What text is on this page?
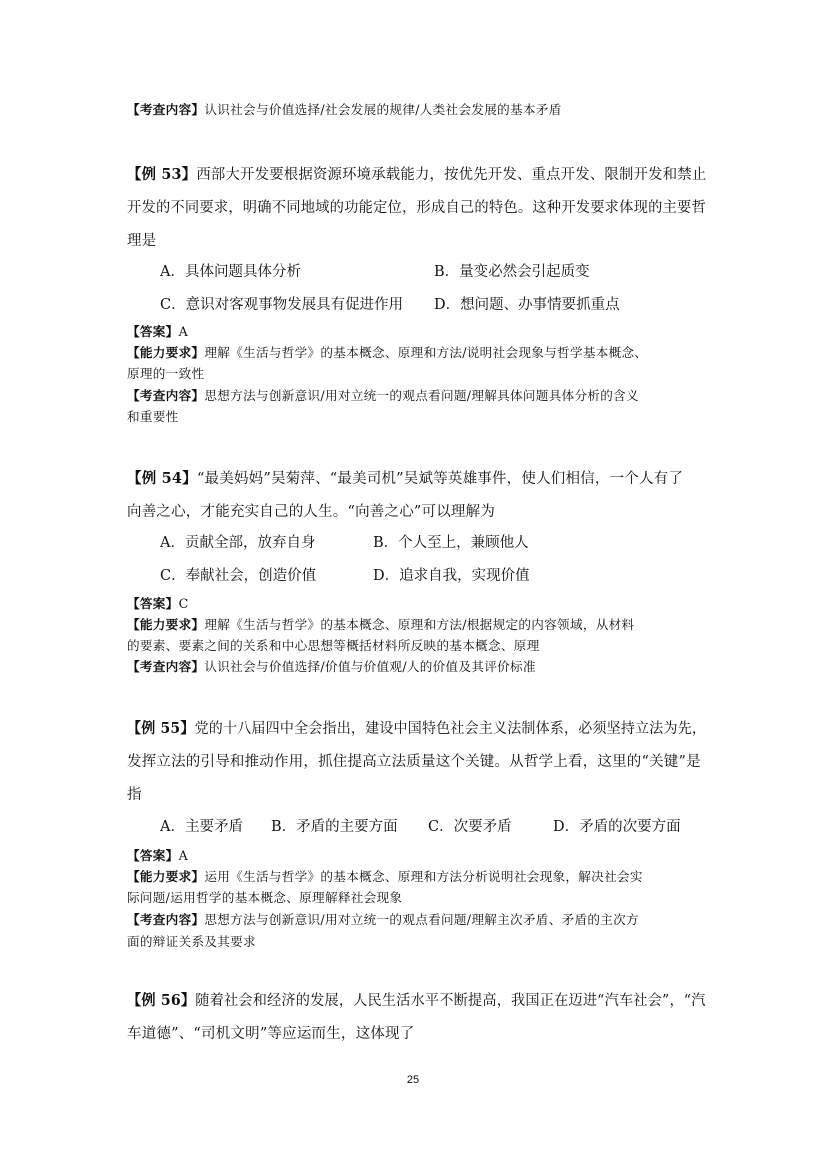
【考查内容】认识社会与价值选择/社会发展的规律/人类社会发展的基本矛盾
【例 53】西部大开发要根据资源环境承载能力，按优先开发、重点开发、限制开发和禁止
开发的不同要求，明确不同地域的功能定位，形成自己的特色。这种开发要求体现的主要哲
理是
A．具体问题具体分析	B．量变必然会引起质变
C．意识对客观事物发展具有促进作用 D．想问题、办事情要抓重点
【答案】A
【能力要求】理解《生活与哲学》的基本概念、原理和方法/说明社会现象与哲学基本概念、
原理的一致性
【考查内容】思想方法与创新意识/用对立统一的观点看问题/理解具体问题具体分析的含义
和重要性
【例 54】“最美妈妈”吴菊萍、“最美司机”吴斌等英雄事件，使人们相信，一个人有了
向善之心，才能充实自己的人生。“向善之心”可以理解为
A．贡献全部，放弃自身	B．个人至上，兼顾他人
C．奉献社会，创造价值	D．追求自我，实现价值
【答案】C
【能力要求】理解《生活与哲学》的基本概念、原理和方法/根据规定的内容领域，从材料
的要素、要素之间的关系和中心思想等概括材料所反映的基本概念、原理
【考查内容】认识社会与价值选择/价值与价值观/人的价值及其评价标准
【例 55】党的十八届四中全会指出，建设中国特色社会主义法制体系，必须坚持立法为先，
发挥立法的引导和推动作用，抓住提高立法质量这个关键。从哲学上看，这里的“关键”是
指
A．主要矛盾 B．矛盾的主要方面 C．次要矛盾	D．矛盾的次要方面
【答案】A
【能力要求】运用《生活与哲学》的基本概念、原理和方法分析说明社会现象，解决社会实
际问题/运用哲学的基本概念、原理解释社会现象
【考查内容】思想方法与创新意识/用对立统一的观点看问题/理解主次矛盾、矛盾的主次方
面的辩证关系及其要求
【例 56】随着社会和经济的发展，人民生活水平不断提高，我国正在迈进“汽车社会”，“汽
车道德”、“司机文明”等应运而生，这体现了
25
